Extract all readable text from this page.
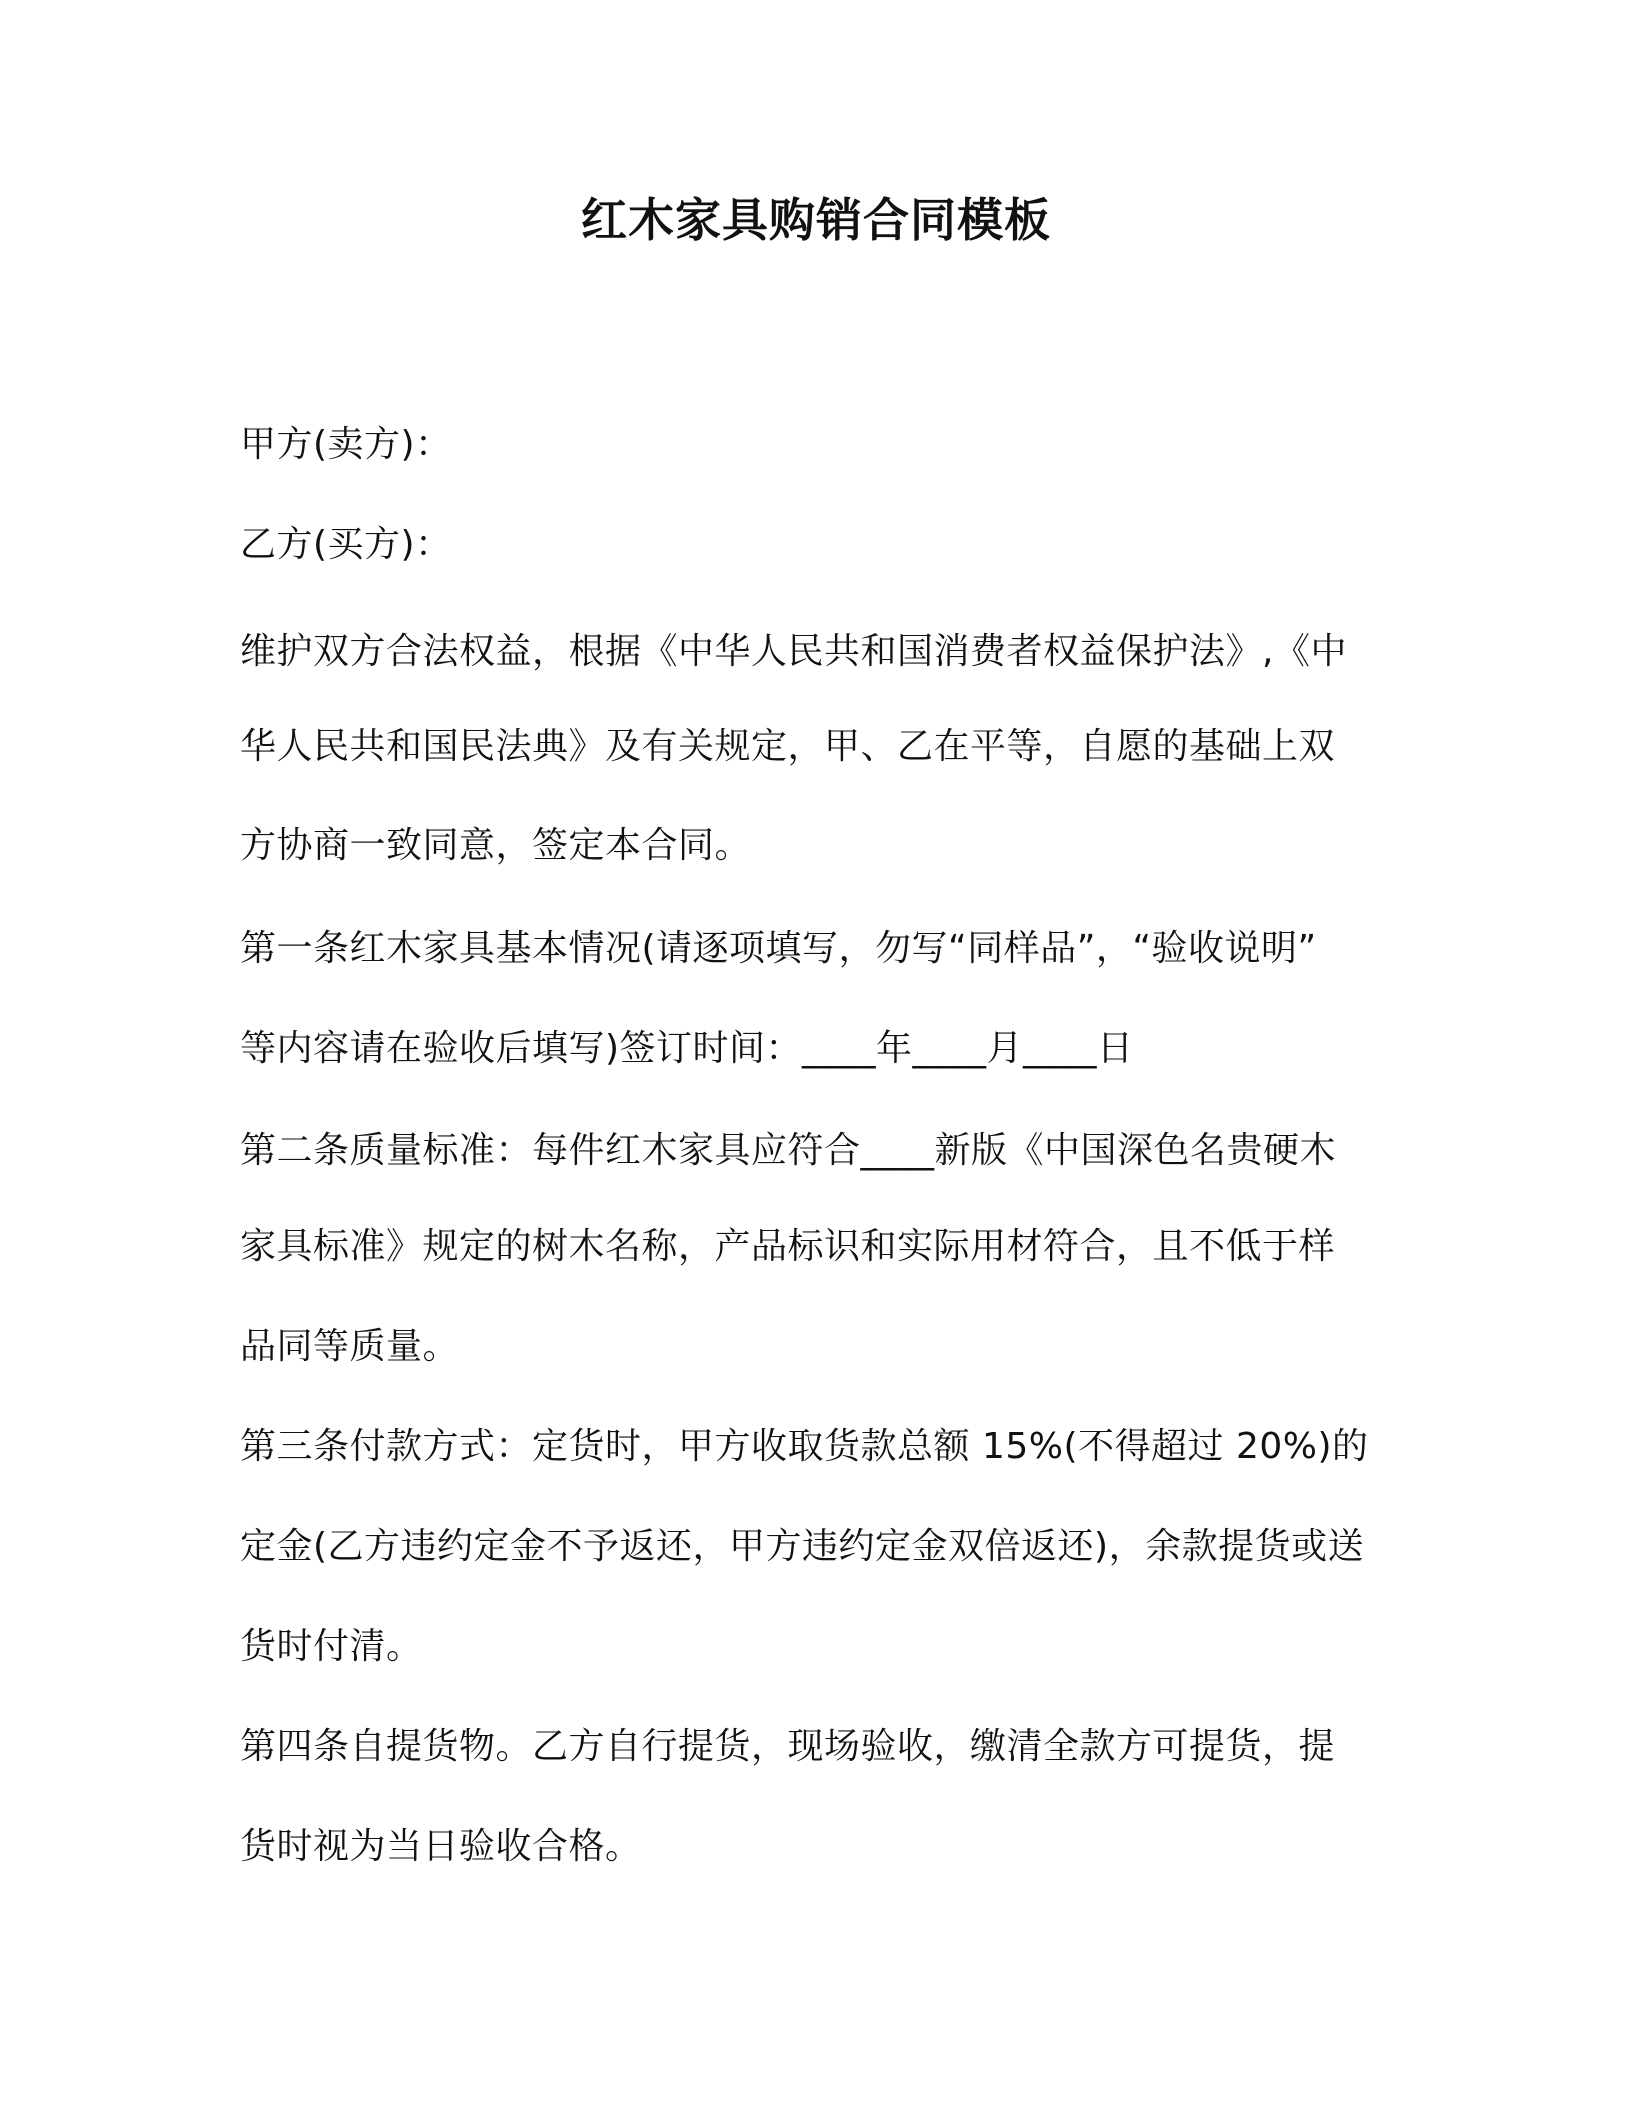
红木家具购销合同模板
甲方(卖方)：
乙方(买方)：
维护双方合法权益，根据《中华人民共和国消费者权益保护法》,《中
华人民共和国民法典》及有关规定，甲、乙在平等，自愿的基础上双
方协商一致同意，签定本合同。
第一条红木家具基本情况(请逐项填写，勿写“同样品”，“验收说明”
等内容请在验收后填写)签订时间：____年____月____日
第二条质量标准：每件红木家具应符合____新版《中国深色名贵硬木
家具标准》规定的树木名称，产品标识和实际用材符合，且不低于样
品同等质量。
第三条付款方式：定货时，甲方收取货款总额 15%(不得超过 20%)的
定金(乙方违约定金不予返还，甲方违约定金双倍返还)，余款提货或送
货时付清。
第四条自提货物。乙方自行提货，现场验收，缴清全款方可提货，提
货时视为当日验收合格。
